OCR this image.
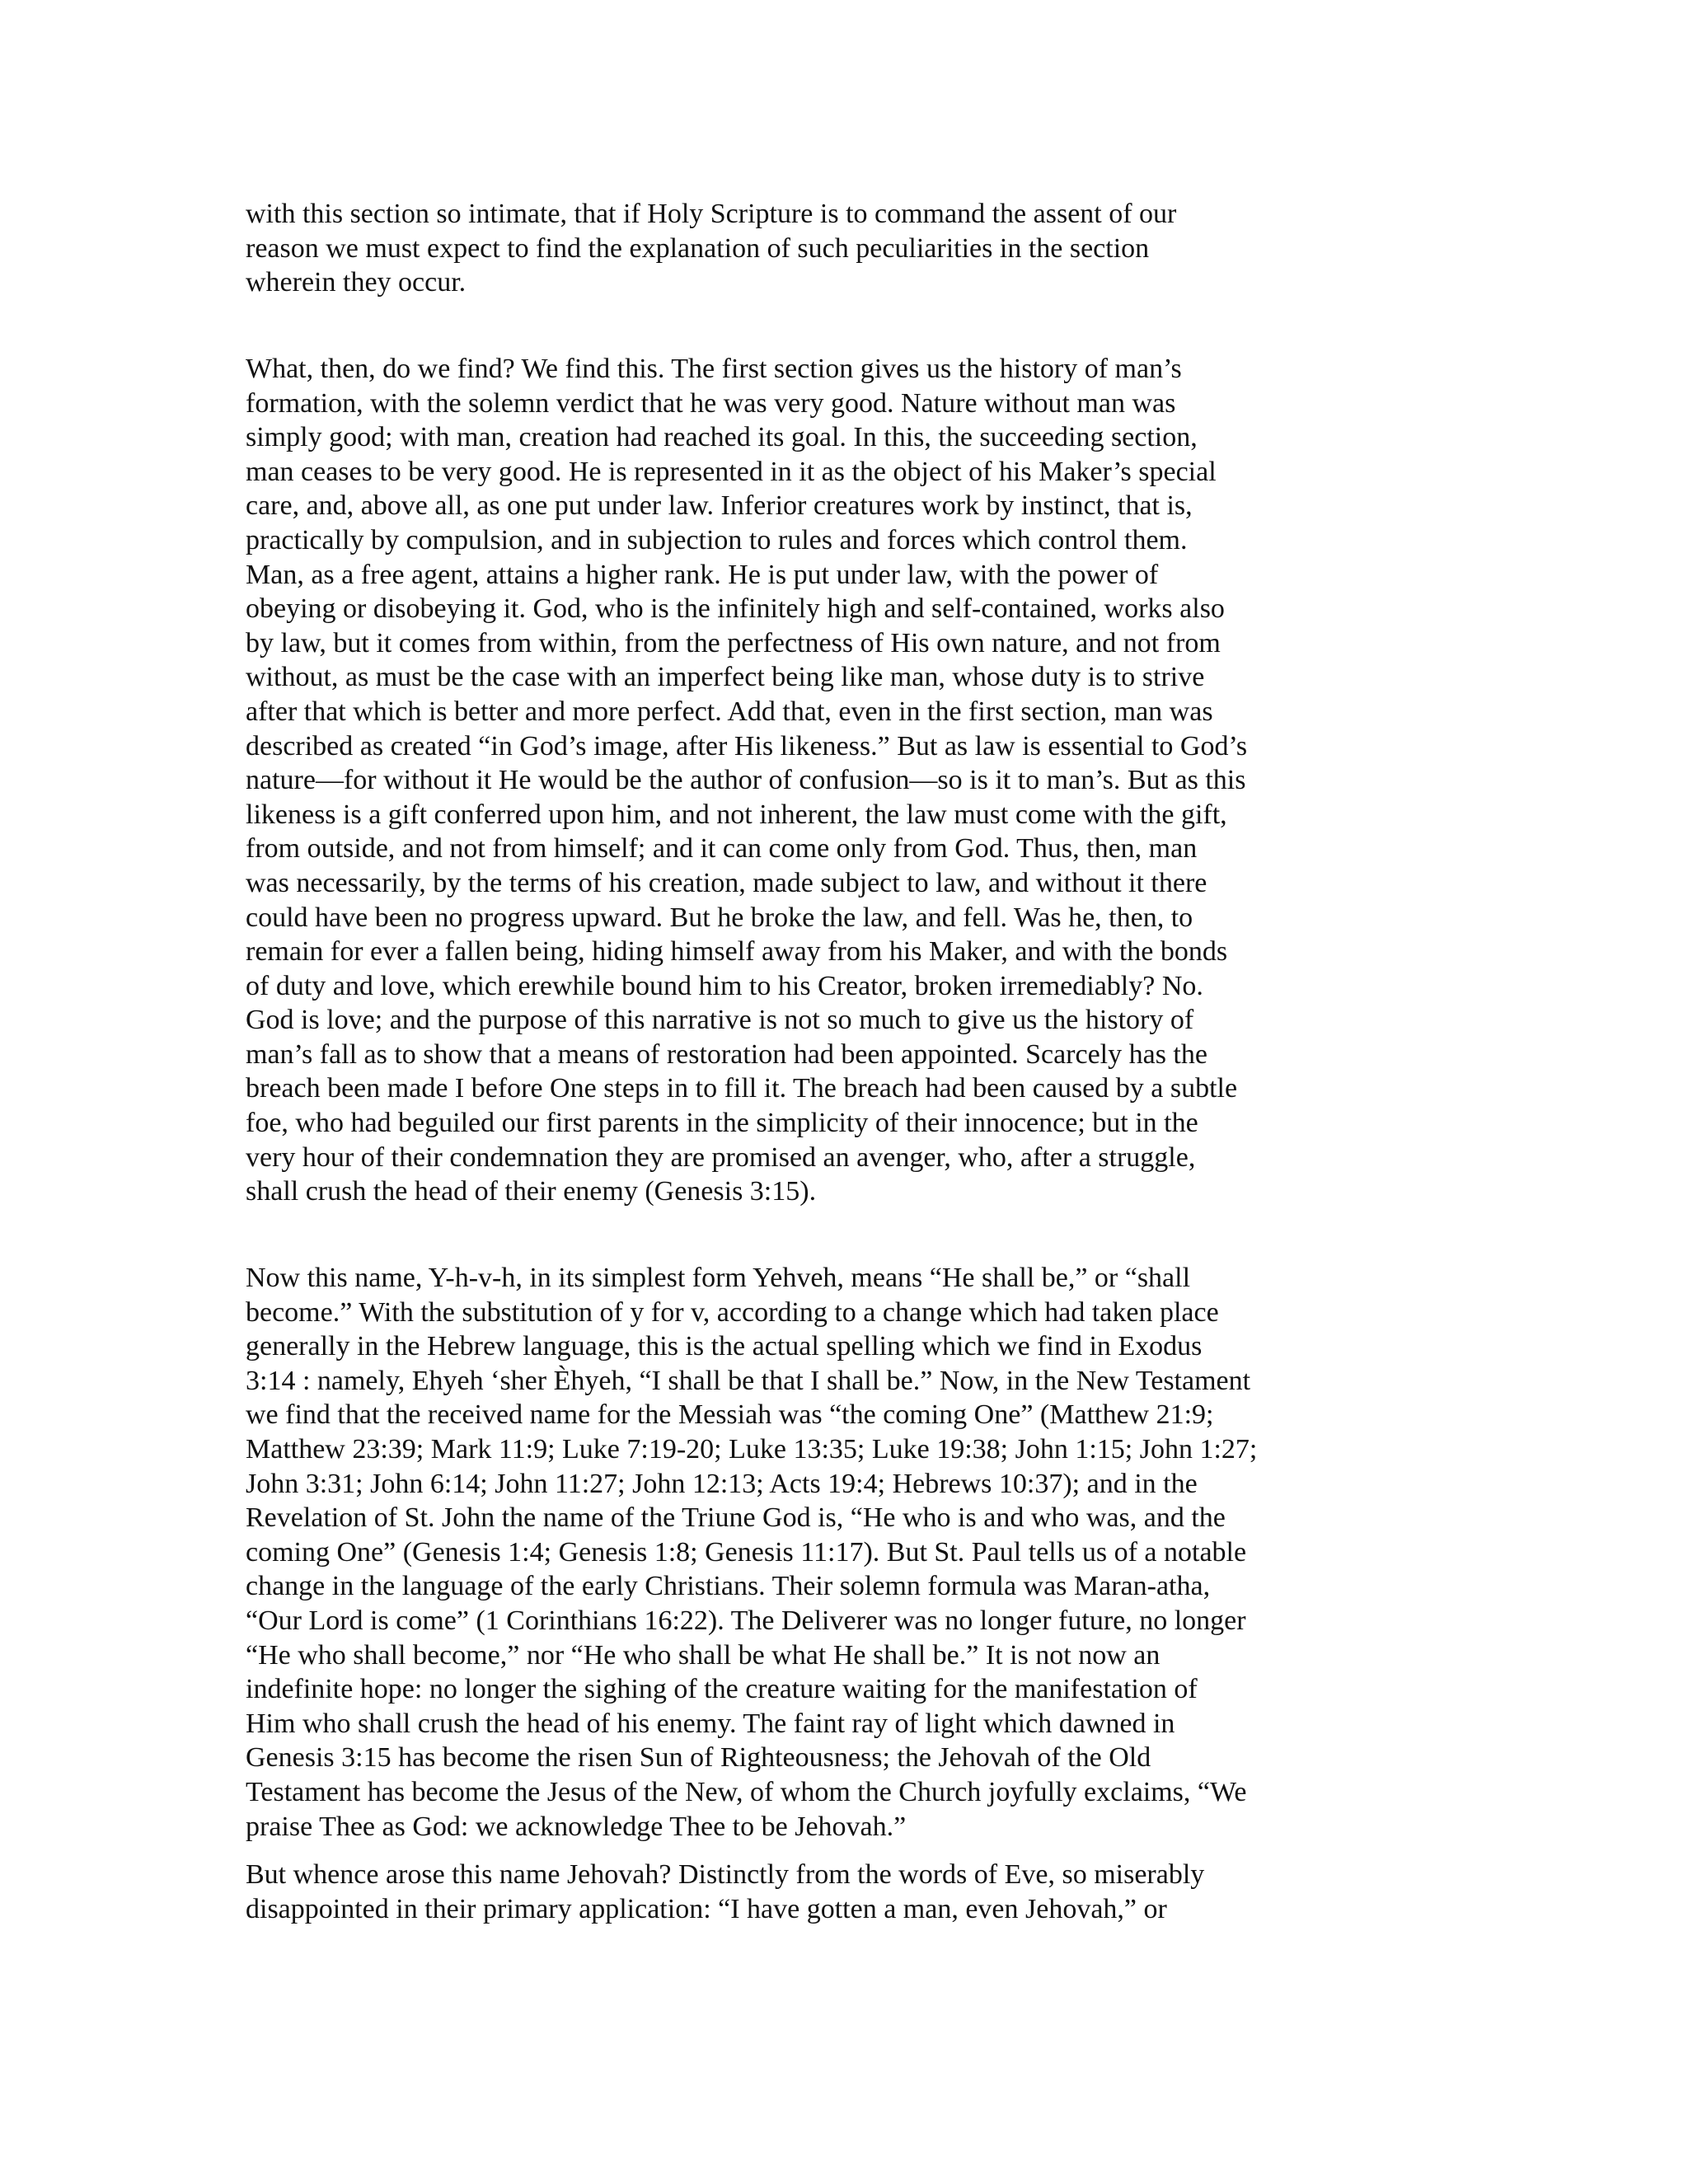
with this section so intimate, that if Holy Scripture is to command the assent of our
reason we must expect to find the explanation of such peculiarities in the section
wherein they occur.

What, then, do we find? We find this. The first section gives us the history of man’s
formation, with the solemn verdict that he was very good. Nature without man was
simply good; with man, creation had reached its goal. In this, the succeeding section,
man ceases to be very good. He is represented in it as the object of his Maker’s special
care, and, above all, as one put under law. Inferior creatures work by instinct, that is,
practically by compulsion, and in subjection to rules and forces which control them.
Man, as a free agent, attains a higher rank. He is put under law, with the power of
obeying or disobeying it. God, who is the infinitely high and self-contained, works also
by law, but it comes from within, from the perfectness of His own nature, and not from
without, as must be the case with an imperfect being like man, whose duty is to strive
after that which is better and more perfect. Add that, even in the first section, man was
described as created “in God’s image, after His likeness.” But as law is essential to God’s
nature—for without it He would be the author of confusion—so is it to man’s. But as this
likeness is a gift conferred upon him, and not inherent, the law must come with the gift,
from outside, and not from himself; and it can come only from God. Thus, then, man
was necessarily, by the terms of his creation, made subject to law, and without it there
could have been no progress upward. But he broke the law, and fell. Was he, then, to
remain for ever a fallen being, hiding himself away from his Maker, and with the bonds
of duty and love, which erewhile bound him to his Creator, broken irremediably? No.
God is love; and the purpose of this narrative is not so much to give us the history of
man’s fall as to show that a means of restoration had been appointed. Scarcely has the
breach been made I before One steps in to fill it. The breach had been caused by a subtle
foe, who had beguiled our first parents in the simplicity of their innocence; but in the
very hour of their condemnation they are promised an avenger, who, after a struggle,
shall crush the head of their enemy (Genesis 3:15).

Now this name, Y-h-v-h, in its simplest form Yehveh, means “He shall be,” or “shall
become.” With the substitution of y for v, according to a change which had taken place
generally in the Hebrew language, this is the actual spelling which we find in Exodus
3:14 : namely, Ehyeh ‘sher Èhyeh, “I shall be that I shall be.” Now, in the New Testament
we find that the received name for the Messiah was “the coming One” (Matthew 21:9;
Matthew 23:39; Mark 11:9; Luke 7:19-20; Luke 13:35; Luke 19:38; John 1:15; John 1:27;
John 3:31; John 6:14; John 11:27; John 12:13; Acts 19:4; Hebrews 10:37); and in the
Revelation of St. John the name of the Triune God is, “He who is and who was, and the
coming One” (Genesis 1:4; Genesis 1:8; Genesis 11:17). But St. Paul tells us of a notable
change in the language of the early Christians. Their solemn formula was Maran-atha,
“Our Lord is come” (1 Corinthians 16:22). The Deliverer was no longer future, no longer
“He who shall become,” nor “He who shall be what He shall be.” It is not now an
indefinite hope: no longer the sighing of the creature waiting for the manifestation of
Him who shall crush the head of his enemy. The faint ray of light which dawned in
Genesis 3:15 has become the risen Sun of Righteousness; the Jehovah of the Old
Testament has become the Jesus of the New, of whom the Church joyfully exclaims, “We
praise Thee as God: we acknowledge Thee to be Jehovah.”

But whence arose this name Jehovah? Distinctly from the words of Eve, so miserably
disappointed in their primary application: “I have gotten a man, even Jehovah,” or
